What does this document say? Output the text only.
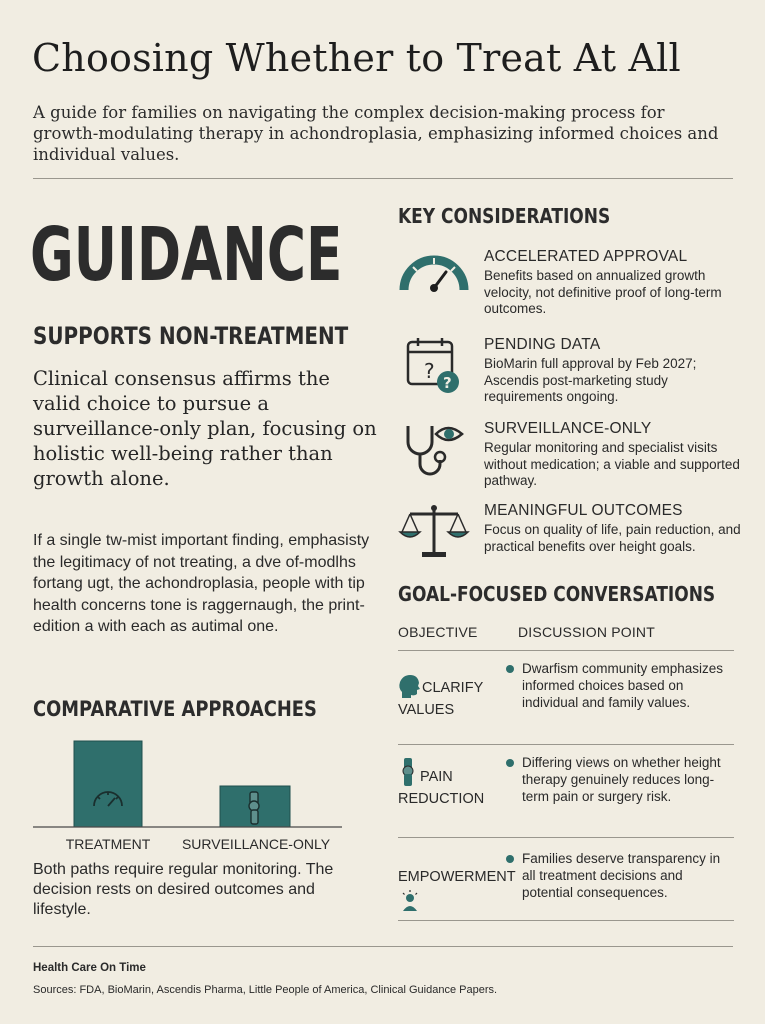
Choosing Whether to Treat At All

A guide for families on navigating the complex decision-making process for growth-modulating therapy in achondroplasia, emphasizing informed choices and individual values.

GUIDANCE
SUPPORTS NON-TREATMENT

Clinical consensus affirms the valid choice to pursue a surveillance-only plan, focusing on holistic well-being rather than growth alone.

If a single tw-mist important finding, emphasisty the legitimacy of not treating, a dve of-modlhs fortang ugt, the achondroplasia, people with tip health concerns tone is raggernaugh, the print-edition a with each as autimal one.

COMPARATIVE APPROACHES
TREATMENT SURVEILLANCE-ONLY

Both paths require regular monitoring. The decision rests on desired outcomes and lifestyle.

KEY CONSIDERATIONS
ACCELERATED APPROVAL
Benefits based on annualized growth velocity, not definitive proof of long-term outcomes.
? ?
PENDING DATA
BioMarin full approval by Feb 2027; Ascendis post-marketing study requirements ongoing.
SURVEILLANCE-ONLY
Regular monitoring and specialist visits without medication; a viable and supported pathway.
MEANINGFUL OUTCOMES
Focus on quality of life, pain reduction, and practical benefits over height goals.
GOAL-FOCUSED CONVERSATIONS
OBJECTIVE	DISCUSSION POINT
CLARIFY
VALUES
Dwarfism community emphasizes informed choices based on individual and family values.
PAIN
REDUCTION
Differing views on whether height therapy genuinely reduces long-term pain or surgery risk.
EMPOWERMENT
Families deserve transparency in all treatment decisions and potential consequences.
Health Care On Time
Sources: FDA, BioMarin, Ascendis Pharma, Little People of America, Clinical Guidance Papers.
